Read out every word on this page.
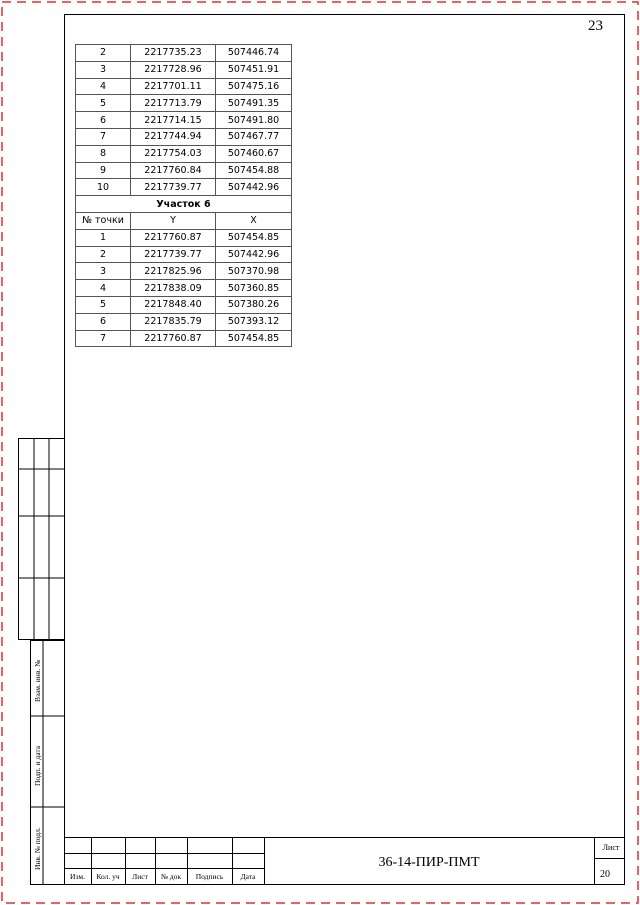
23
2	2217735.23	507446.74
3	2217728.96	507451.91
4	2217701.11	507475.16
5	2217713.79	507491.35
6	2217714.15	507491.80
7	2217744.94	507467.77
8	2217754.03	507460.67
9	2217760.84	507454.88
10	2217739.77	507442.96
Участок 6		
№ точки	Y	X
1	2217760.87	507454.85
2	2217739.77	507442.96
3	2217825.96	507370.98
4	2217838.09	507360.85
5	2217848.40	507380.26
6	2217835.79	507393.12
7	2217760.87	507454.85
Взам. инв. №
Подп. и дата
Инв. № подл.
Изм.	Кол. уч	Лист	№ док	Подпись	Дата
36-14-ПИР-ПМТ
Лист
20
